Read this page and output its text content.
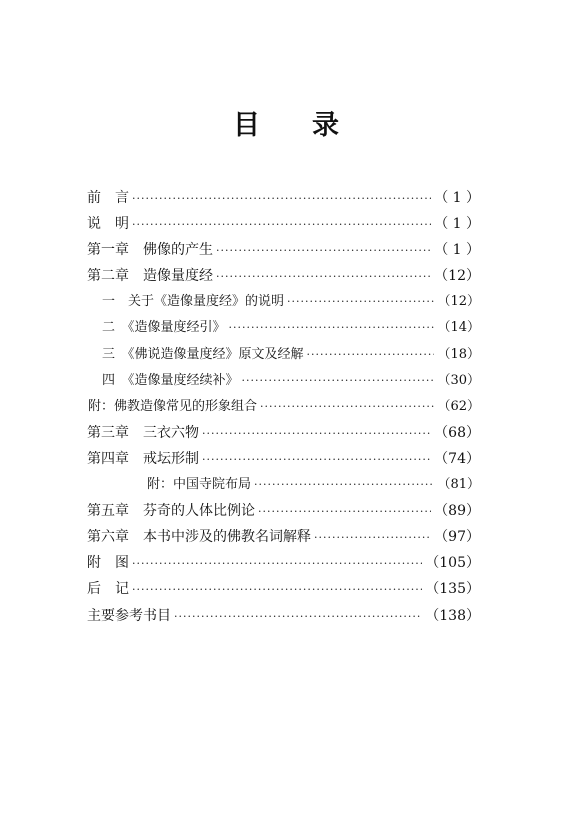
目 录
前　言 ·····	（ 1 ）
说　明 ·····	（ 1 ）
第一章　佛像的产生 ·····	（ 1 ）
第二章　造像量度经 ·····	（12）
一　关于《造像量度经》的说明 ·····	（12）
二　《造像量度经引》 ·····	（14）
三　《佛说造像量度经》原文及经解 ·····	（18）
四　《造像量度经续补》 ·····	（30）
附：佛教造像常见的形象组合 ·····	（62）
第三章　三衣六物 ·····	（68）
第四章　戒坛形制 ·····	（74）
附：中国寺院布局 ·····	（81）
第五章　芬奇的人体比例论 ·····	（89）
第六章　本书中涉及的佛教名词解释 ·····	（97）
附　图 ·····	（105）
后　记 ·····	（135）
主要参考书目 ·····	（138）
